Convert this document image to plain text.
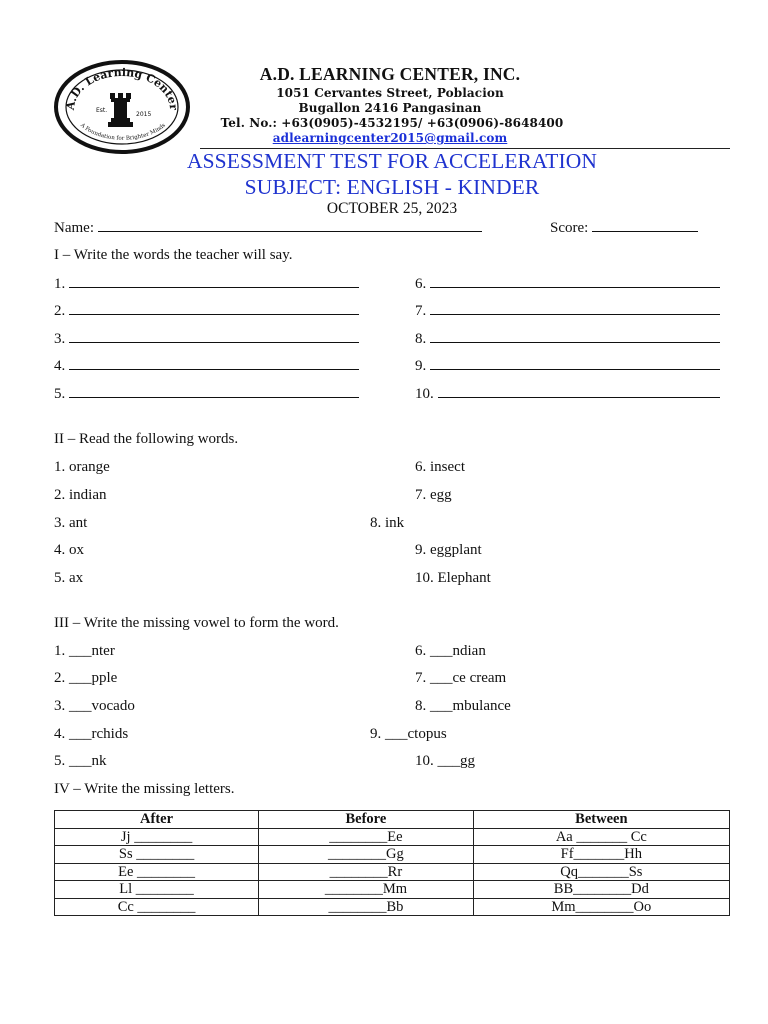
A.D. Learning Center
A Foundation for Brighter Minds
Est.
2015
A.D. LEARNING CENTER, INC.
1051 Cervantes Street, Poblacion
Bugallon 2416 Pangasinan
Tel. No.: +63(0905)-4532195/ +63(0906)-8648400
adlearningcenter2015@gmail.com
ASSESSMENT TEST FOR ACCELERATION
SUBJECT: ENGLISH - KINDER
OCTOBER 25, 2023
Name:	Score:
I – Write the words the teacher will say.
1.
2.
3.
4.
5.
6.
7.
8.
9.
10.
II – Read the following words.
1. orange
2. indian
3. ant
4. ox
5. ax
6. insect
7. egg
8. ink
9. eggplant
10. Elephant
III – Write the missing vowel to form the word.
1. ___nter
2. ___pple
3. ___vocado
4. ___rchids
5. ___nk
6. ___ndian
7. ___ce cream
8. ___mbulance
9. ___ctopus
10. ___gg
IV – Write the missing letters.
After	Before	Between
Jj ________	________Ee	Aa _______ Cc
Ss ________	________Gg	Ff_______Hh
Ee ________	________Rr	Qq_______Ss
Ll ________	________Mm	BB________Dd
Cc ________	________Bb	Mm________Oo
